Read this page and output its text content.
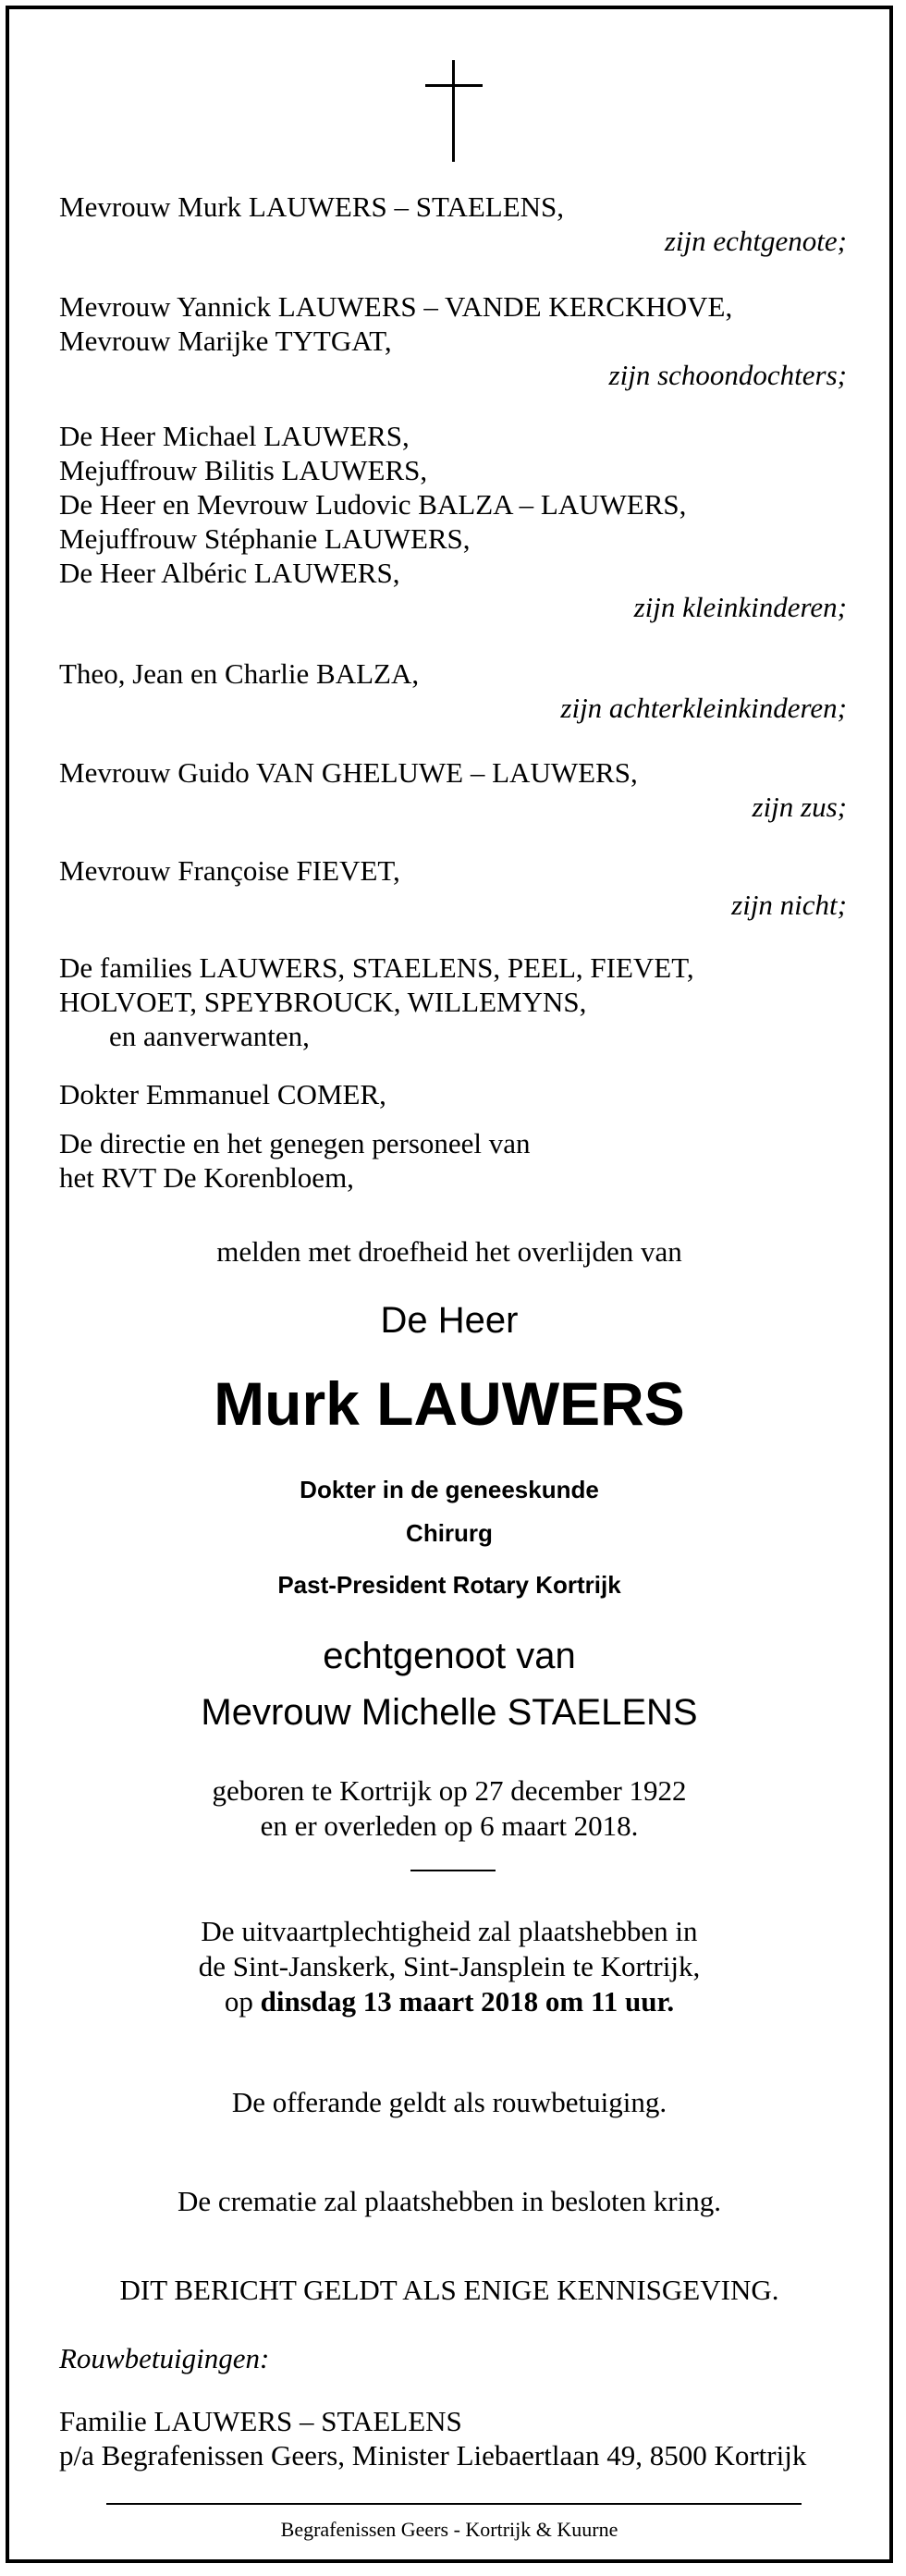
Mevrouw Murk LAUWERS – STAELENS,
zijn echtgenote;
Mevrouw Yannick LAUWERS – VANDE KERCKHOVE,
Mevrouw Marijke TYTGAT,
zijn schoondochters;
De Heer Michael LAUWERS,
Mejuffrouw Bilitis LAUWERS,
De Heer en Mevrouw Ludovic BALZA – LAUWERS,
Mejuffrouw Stéphanie LAUWERS,
De Heer Albéric LAUWERS,
zijn kleinkinderen;
Theo, Jean en Charlie BALZA,
zijn achterkleinkinderen;
Mevrouw Guido VAN GHELUWE – LAUWERS,
zijn zus;
Mevrouw Françoise FIEVET,
zijn nicht;
De families LAUWERS, STAELENS, PEEL, FIEVET,
HOLVOET, SPEYBROUCK, WILLEMYNS,
en aanverwanten,
Dokter Emmanuel COMER,
De directie en het genegen personeel van
het RVT De Korenbloem,
melden met droefheid het overlijden van
De Heer
Murk LAUWERS
Dokter in de geneeskunde
Chirurg
Past-President Rotary Kortrijk
echtgenoot van
Mevrouw Michelle STAELENS
geboren te Kortrijk op 27 december 1922
en er overleden op 6 maart 2018.
De uitvaartplechtigheid zal plaatshebben in
de Sint-Janskerk, Sint-Jansplein te Kortrijk,
op dinsdag 13 maart 2018 om 11 uur.
De offerande geldt als rouwbetuiging.
De crematie zal plaatshebben in besloten kring.
DIT BERICHT GELDT ALS ENIGE KENNISGEVING.
Rouwbetuigingen:
Familie LAUWERS – STAELENS
p/a Begrafenissen Geers, Minister Liebaertlaan 49, 8500 Kortrijk
Begrafenissen Geers - Kortrijk & Kuurne
